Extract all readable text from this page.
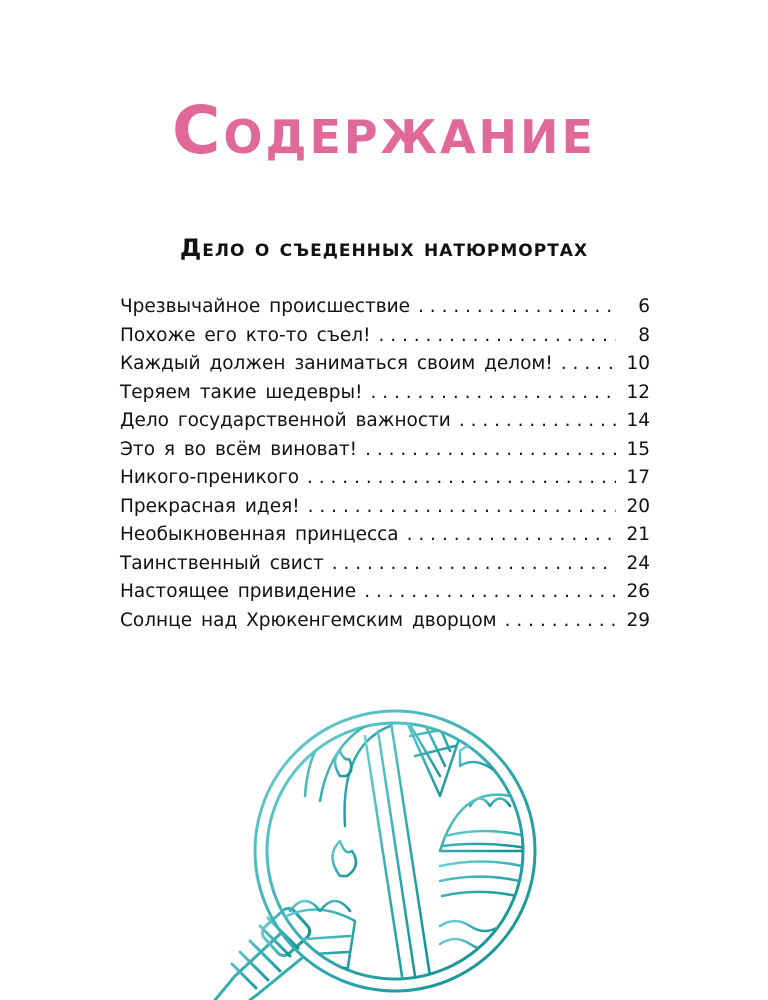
Содержание
Дело о съеденных натюрмортах
Чрезвычайное происшествие . . .	6
Похоже его кто-то съел! . . .	8
Каждый должен заниматься своим делом! . . .	10
Теряем такие шедевры! . . .	12
Дело государственной важности . . .	14
Это я во всём виноват! . . .	15
Никого-преникого . . .	17
Прекрасная идея! . . .	20
Необыкновенная принцесса . . .	21
Таинственный свист . . .	24
Настоящее привидение . . .	26
Солнце над Хрюкенгемским дворцом . . .	29
